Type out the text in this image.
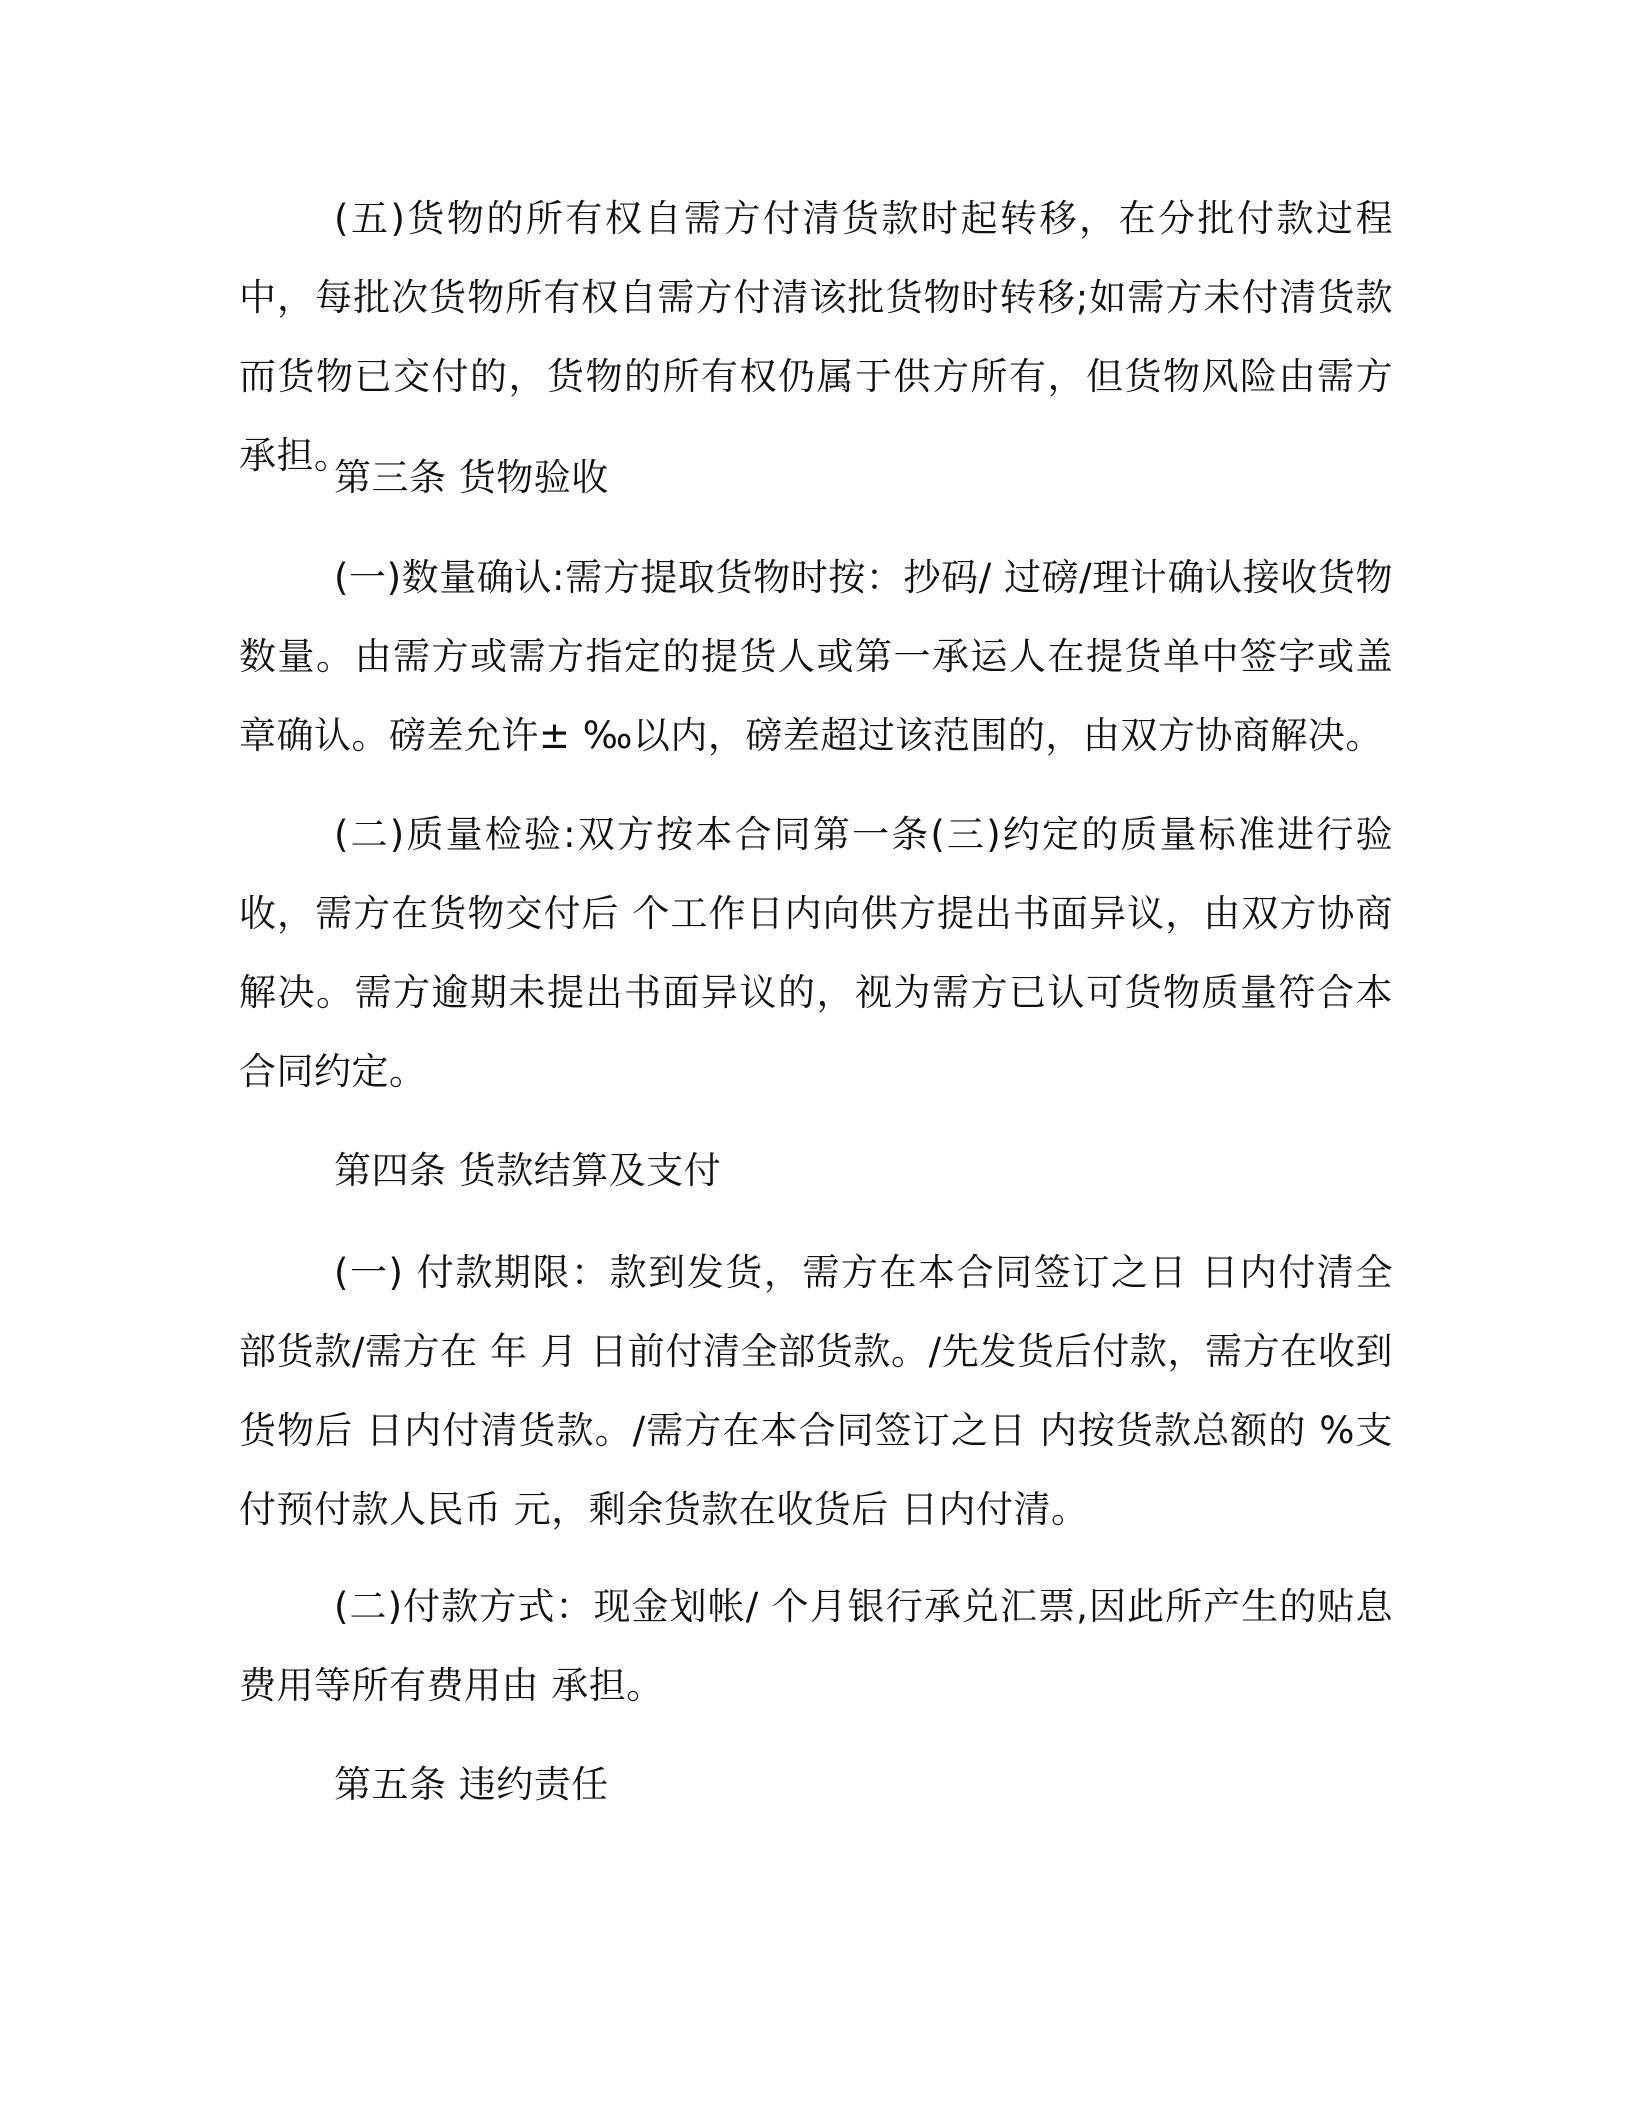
(五)货物的所有权自需方付清货款时起转移，在分批付款过程中，每批次货物所有权自需方付清该批货物时转移;如需方未付清货款而货物已交付的，货物的所有权仍属于供方所有，但货物风险由需方承担。

第三条 货物验收

(一)数量确认:需方提取货物时按：抄码/ 过磅/理计确认接收货物数量。由需方或需方指定的提货人或第一承运人在提货单中签字或盖章确认。磅差允许± ‰以内，磅差超过该范围的，由双方协商解决。

(二)质量检验:双方按本合同第一条(三)约定的质量标准进行验收，需方在货物交付后 个工作日内向供方提出书面异议，由双方协商解决。需方逾期未提出书面异议的，视为需方已认可货物质量符合本合同约定。

第四条 货款结算及支付

(一) 付款期限：款到发货，需方在本合同签订之日 日内付清全部货款/需方在 年 月 日前付清全部货款。/先发货后付款，需方在收到货物后 日内付清货款。/需方在本合同签订之日 内按货款总额的 %支付预付款人民币 元，剩余货款在收货后 日内付清。

(二)付款方式：现金划帐/ 个月银行承兑汇票,因此所产生的贴息费用等所有费用由 承担。

第五条 违约责任
